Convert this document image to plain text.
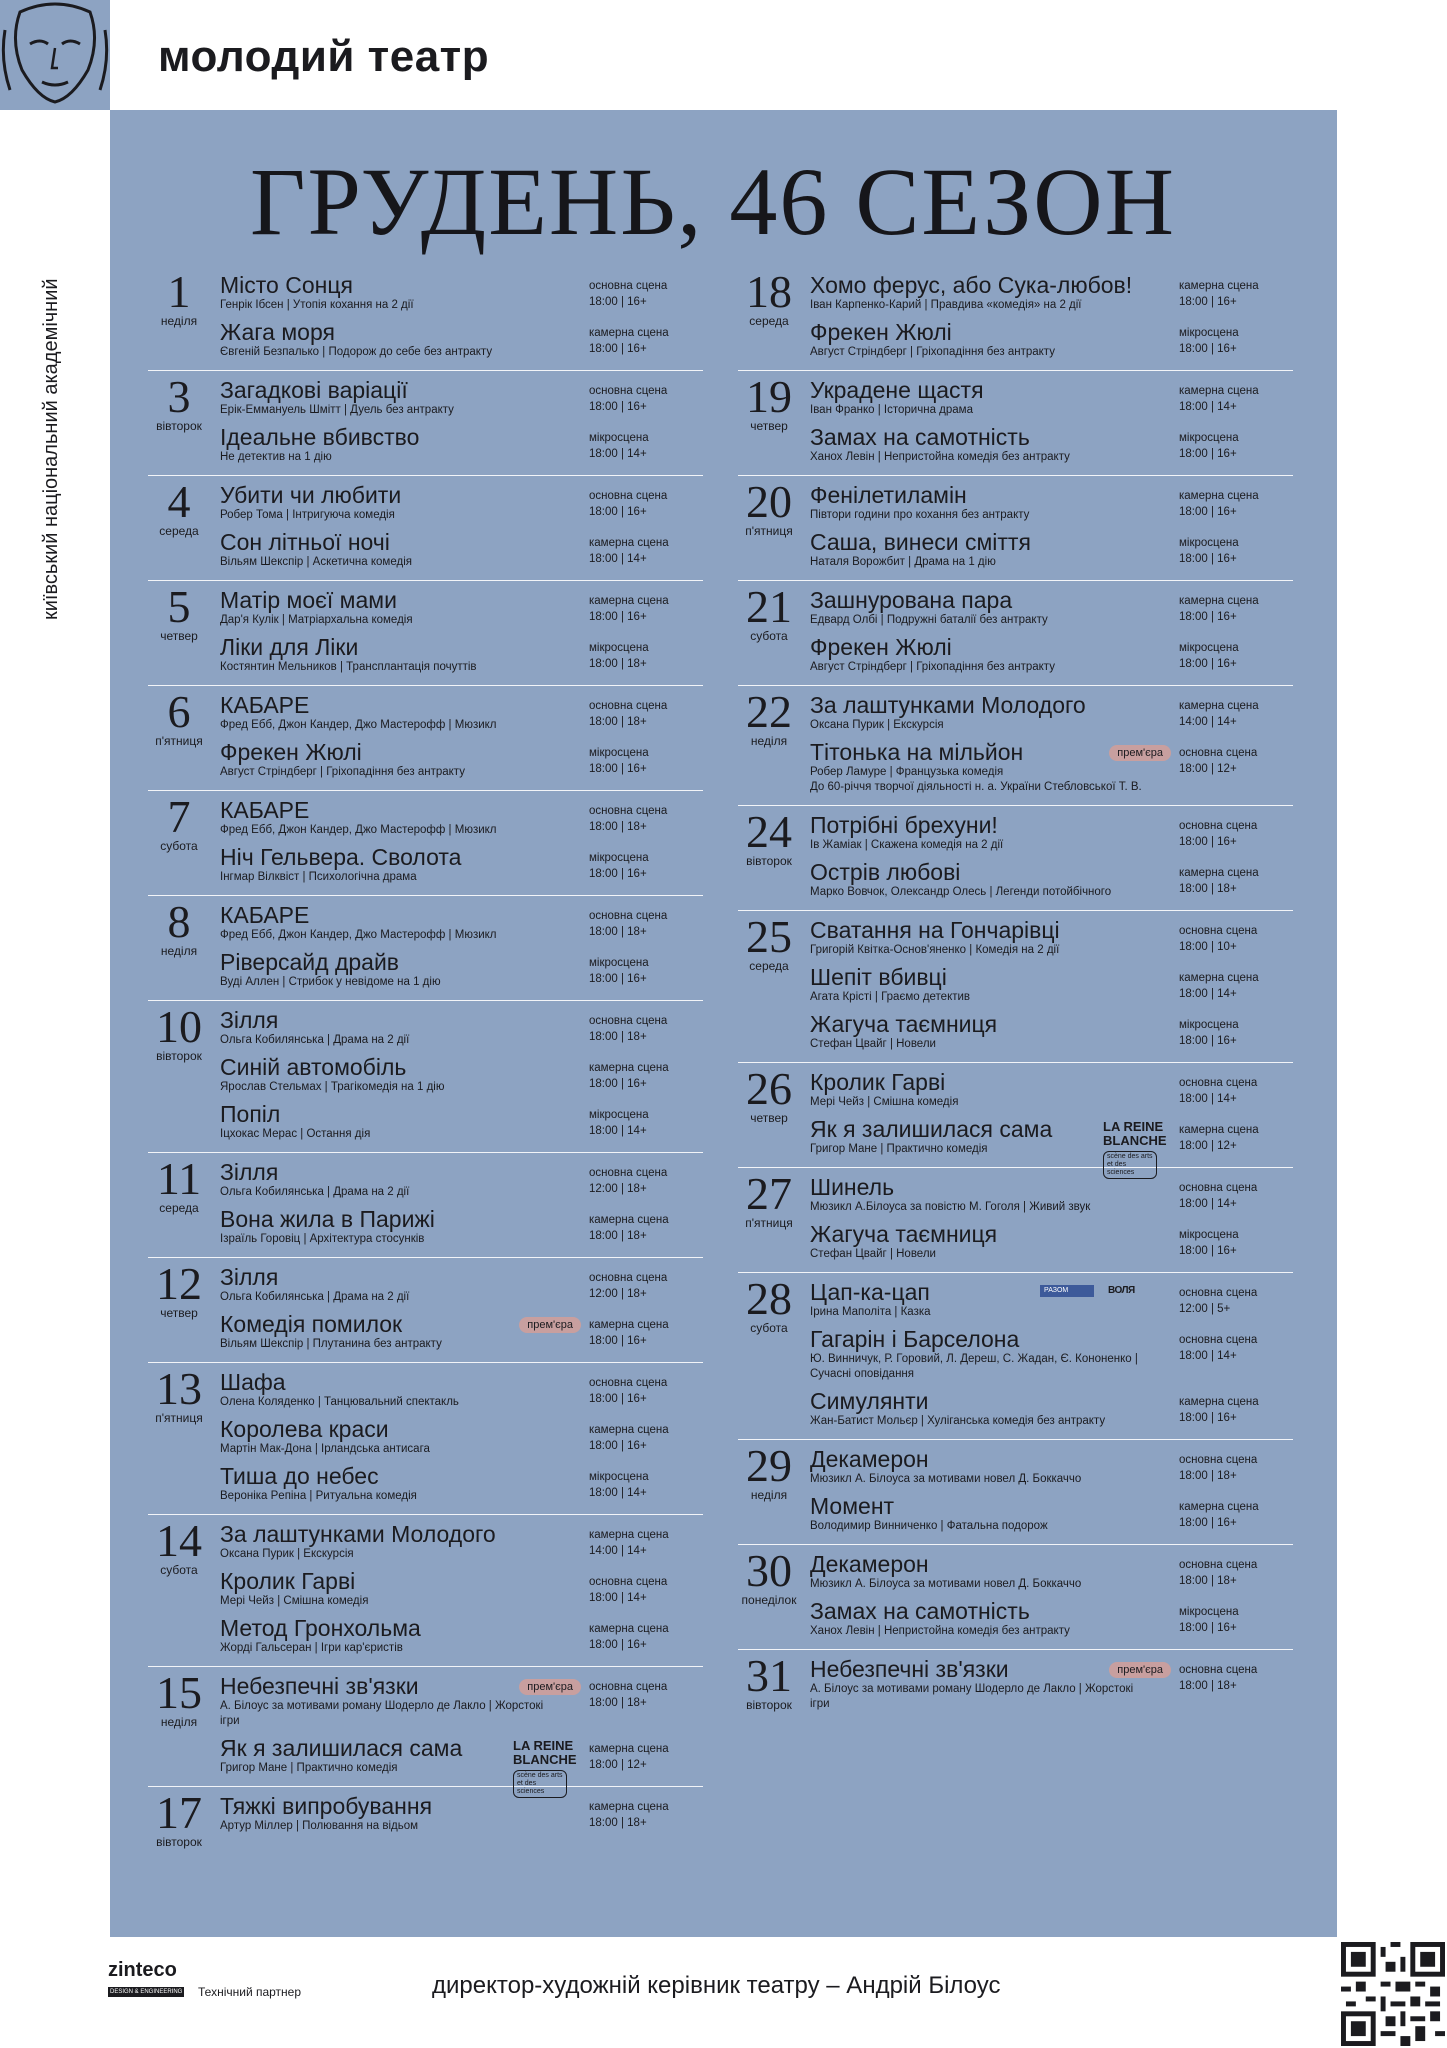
молодий театр
київський національний академічний
ГРУДЕНЬ, 46 СЕЗОН
1
неділя
Місто Сонця
Генрік Ібсен | Утопія кохання на 2 дії
основна сцена
18:00 | 16+
Жага моря
Євгеній Безпалько | Подорож до себе без антракту
камерна сцена
18:00 | 16+
3
вівторок
Загадкові варіації
Ерік-Еммануель Шмітт | Дуель без антракту
основна сцена
18:00 | 16+
Ідеальне вбивство
Не детектив на 1 дію
мікросцена
18:00 | 14+
4
середа
Убити чи любити
Робер Тома | Інтригуюча комедія
основна сцена
18:00 | 16+
Сон літньої ночі
Вільям Шекспір | Аскетична комедія
камерна сцена
18:00 | 14+
5
четвер
Матір моєї мами
Дар'я Кулік | Матріархальна комедія
камерна сцена
18:00 | 16+
Ліки для Ліки
Костянтин Мельников | Трансплантація почуттів
мікросцена
18:00 | 18+
6
п'ятниця
КАБАРЕ
Фред Ебб, Джон Кандер, Джо Мастерофф | Мюзикл
основна сцена
18:00 | 18+
Фрекен Жюлі
Август Стріндберг | Гріхопадіння без антракту
мікросцена
18:00 | 16+
7
субота
КАБАРЕ
Фред Ебб, Джон Кандер, Джо Мастерофф | Мюзикл
основна сцена
18:00 | 18+
Ніч Гельвера. Сволота
Інгмар Вілквіст | Психологічна драма
мікросцена
18:00 | 16+
8
неділя
КАБАРЕ
Фред Ебб, Джон Кандер, Джо Мастерофф | Мюзикл
основна сцена
18:00 | 18+
Ріверсайд драйв
Вуді Аллен | Стрибок у невідоме на 1 дію
мікросцена
18:00 | 16+
10
вівторок
Зілля
Ольга Кобилянська | Драма на 2 дії
основна сцена
18:00 | 18+
Синій автомобіль
Ярослав Стельмах | Трагікомедія на 1 дію
камерна сцена
18:00 | 16+
Попіл
Іцхокас Мерас | Остання дія
мікросцена
18:00 | 14+
11
середа
Зілля
Ольга Кобилянська | Драма на 2 дії
основна сцена
12:00 | 18+
Вона жила в Парижі
Ізраїль Горовіц | Архітектура стосунків
камерна сцена
18:00 | 18+
12
четвер
Зілля
Ольга Кобилянська | Драма на 2 дії
основна сцена
12:00 | 18+
Комедія помилок
Вільям Шекспір | Плутанина без антракту
камерна сцена
18:00 | 16+
прем'єра
13
п'ятниця
Шафа
Олена Коляденко | Танцювальний спектакль
основна сцена
18:00 | 16+
Королева краси
Мартін Мак-Дона | Ірландська антисага
камерна сцена
18:00 | 16+
Тиша до небес
Вероніка Рeпіна | Ритуальна комедія
мікросцена
18:00 | 14+
14
субота
За лаштунками Молодого
Оксана Пурик | Екскурсія
камерна сцена
14:00 | 14+
Кролик Гарві
Мері Чейз | Смішна комедія
основна сцена
18:00 | 14+
Метод Гронхольма
Жорді Гальсеран | Ігри кар'єристів
камерна сцена
18:00 | 16+
15
неділя
Небезпечні зв'язки
А. Білоус за мотивами роману Шодерло де Лакло | Жорстокі ігри
основна сцена
18:00 | 18+
прем'єра
Як я залишилася сама
Григор Мане | Практично комедія
камерна сцена
18:00 | 12+
LA REINE BLANCHE
scène des arts et des sciences
17
вівторок
Тяжкі випробування
Артур Міллер | Полювання на відьом
камерна сцена
18:00 | 18+
18
середа
Хомо ферус, або Сука-любов!
Іван Карпенко-Карий | Правдива «комедія» на 2 дії
камерна сцена
18:00 | 16+
Фрекен Жюлі
Август Стріндберг | Гріхопадіння без антракту
мікросцена
18:00 | 16+
19
четвер
Украдене щастя
Іван Франко | Історична драма
камерна сцена
18:00 | 14+
Замах на самотність
Ханох Левін | Непристойна комедія без антракту
мікросцена
18:00 | 16+
20
п'ятниця
Фенілетиламін
Півтори години про кохання без антракту
камерна сцена
18:00 | 16+
Саша, винеси сміття
Наталя Ворожбит | Драма на 1 дію
мікросцена
18:00 | 16+
21
субота
Зашнурована пара
Едвард Олбі | Подружні баталії без антракту
камерна сцена
18:00 | 16+
Фрекен Жюлі
Август Стріндберг | Гріхопадіння без антракту
мікросцена
18:00 | 16+
22
неділя
За лаштунками Молодого
Оксана Пурик | Екскурсія
камерна сцена
14:00 | 14+
Тітонька на мільйон
Робер Ламуре | Французька комедія
До 60-річчя творчої діяльності н. а. України Стебловської Т. В.
основна сцена
18:00 | 12+
прем'єра
24
вівторок
Потрібні брехуни!
Ів Жаміак | Скажена комедія на 2 дії
основна сцена
18:00 | 16+
Острів любові
Марко Вовчок, Олександр Олесь | Легенди потойбічного
камерна сцена
18:00 | 18+
25
середа
Сватання на Гончарівці
Григорій Квітка-Основ'яненко | Комедія на 2 дії
основна сцена
18:00 | 10+
Шепіт вбивці
Агата Крісті | Граємо детектив
камерна сцена
18:00 | 14+
Жагуча таємниця
Стефан Цвайг | Новели
мікросцена
18:00 | 16+
26
четвер
Кролик Гарві
Мері Чейз | Смішна комедія
основна сцена
18:00 | 14+
Як я залишилася сама
Григор Мане | Практично комедія
камерна сцена
18:00 | 12+
LA REINE BLANCHE
scène des arts et des sciences
27
п'ятниця
Шинель
Мюзикл А.Білоуса за повістю М. Гоголя | Живий звук
основна сцена
18:00 | 14+
Жагуча таємниця
Стефан Цвайг | Новели
мікросцена
18:00 | 16+
28
субота
Цап-ка-цап
Ірина Маполіта | Казка
основна сцена
12:00 | 5+
РАЗОМ	ВОЛЯ
Гагарін і Барселона
Ю. Винничук, Р. Горовий, Л. Дереш, С. Жадан, Є. Кононенко | Сучасні оповідання
основна сцена
18:00 | 14+
Симулянти
Жан-Батист Мольєр | Хуліганська комедія без антракту
камерна сцена
18:00 | 16+
29
неділя
Декамерон
Мюзикл А. Білоуса за мотивами новел Д. Боккаччо
основна сцена
18:00 | 18+
Момент
Володимир Винниченко | Фатальна подорож
камерна сцена
18:00 | 16+
30
понеділок
Декамерон
Мюзикл А. Білоуса за мотивами новел Д. Боккаччо
основна сцена
18:00 | 18+
Замах на самотність
Ханох Левін | Непристойна комедія без антракту
мікросцена
18:00 | 16+
31
вівторок
Небезпечні зв'язки
А. Білоус за мотивами роману Шодерло де Лакло | Жорстокі ігри
основна сцена
18:00 | 18+
прем'єра
zinteco
DESIGN & ENGINEERING Технічний партнер	директор-художній керівник театру – Андрій Білоус
